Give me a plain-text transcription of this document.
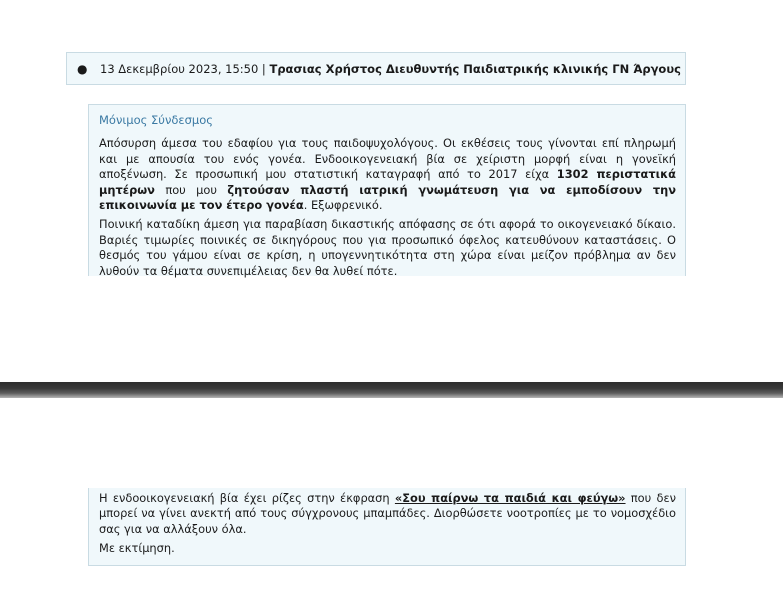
● 13 Δεκεμβρίου 2023, 15:50 | Τρασιας Χρήστος Διευθυντής Παιδιατρικής κλινικής ΓΝ Άργους
Μόνιμος Σύνδεσμος

Απόσυρση άμεσα του εδαφίου για τους παιδοψυχολόγους. Οι εκθέσεις τους γίνονται επί πληρωμή και με απουσία του ενός γονέα. Ενδοοικογενειακή βία σε χείριστη μορφή είναι η γονεϊκή αποξένωση. Σε προσωπική μου στατιστική καταγραφή από το 2017 είχα 1302 περιστατικά μητέρων που μου ζητούσαν πλαστή ιατρική γνωμάτευση για να εμποδίσουν την επικοινωνία με τον έτερο γονέα. Εξωφρενικό.

Ποινική καταδίκη άμεση για παραβίαση δικαστικής απόφασης σε ότι αφορά το οικογενειακό δίκαιο. Βαριές τιμωρίες ποινικές σε δικηγόρους που για προσωπικό όφελος κατευθύνουν καταστάσεις. Ο θεσμός του γάμου είναι σε κρίση, η υπογεννητικότητα στη χώρα είναι μείζον πρόβλημα αν δεν λυθούν τα θέματα συνεπιμέλειας δεν θα λυθεί πότε.

Η ενδοοικογενειακή βία έχει ρίζες στην έκφραση «Σου παίρνω τα παιδιά και φεύγω» που δεν μπορεί να γίνει ανεκτή από τους σύγχρονους μπαμπάδες. Διορθώσετε νοοτροπίες με το νομοσχέδιο σας για να αλλάξουν όλα.

Με εκτίμηση.
